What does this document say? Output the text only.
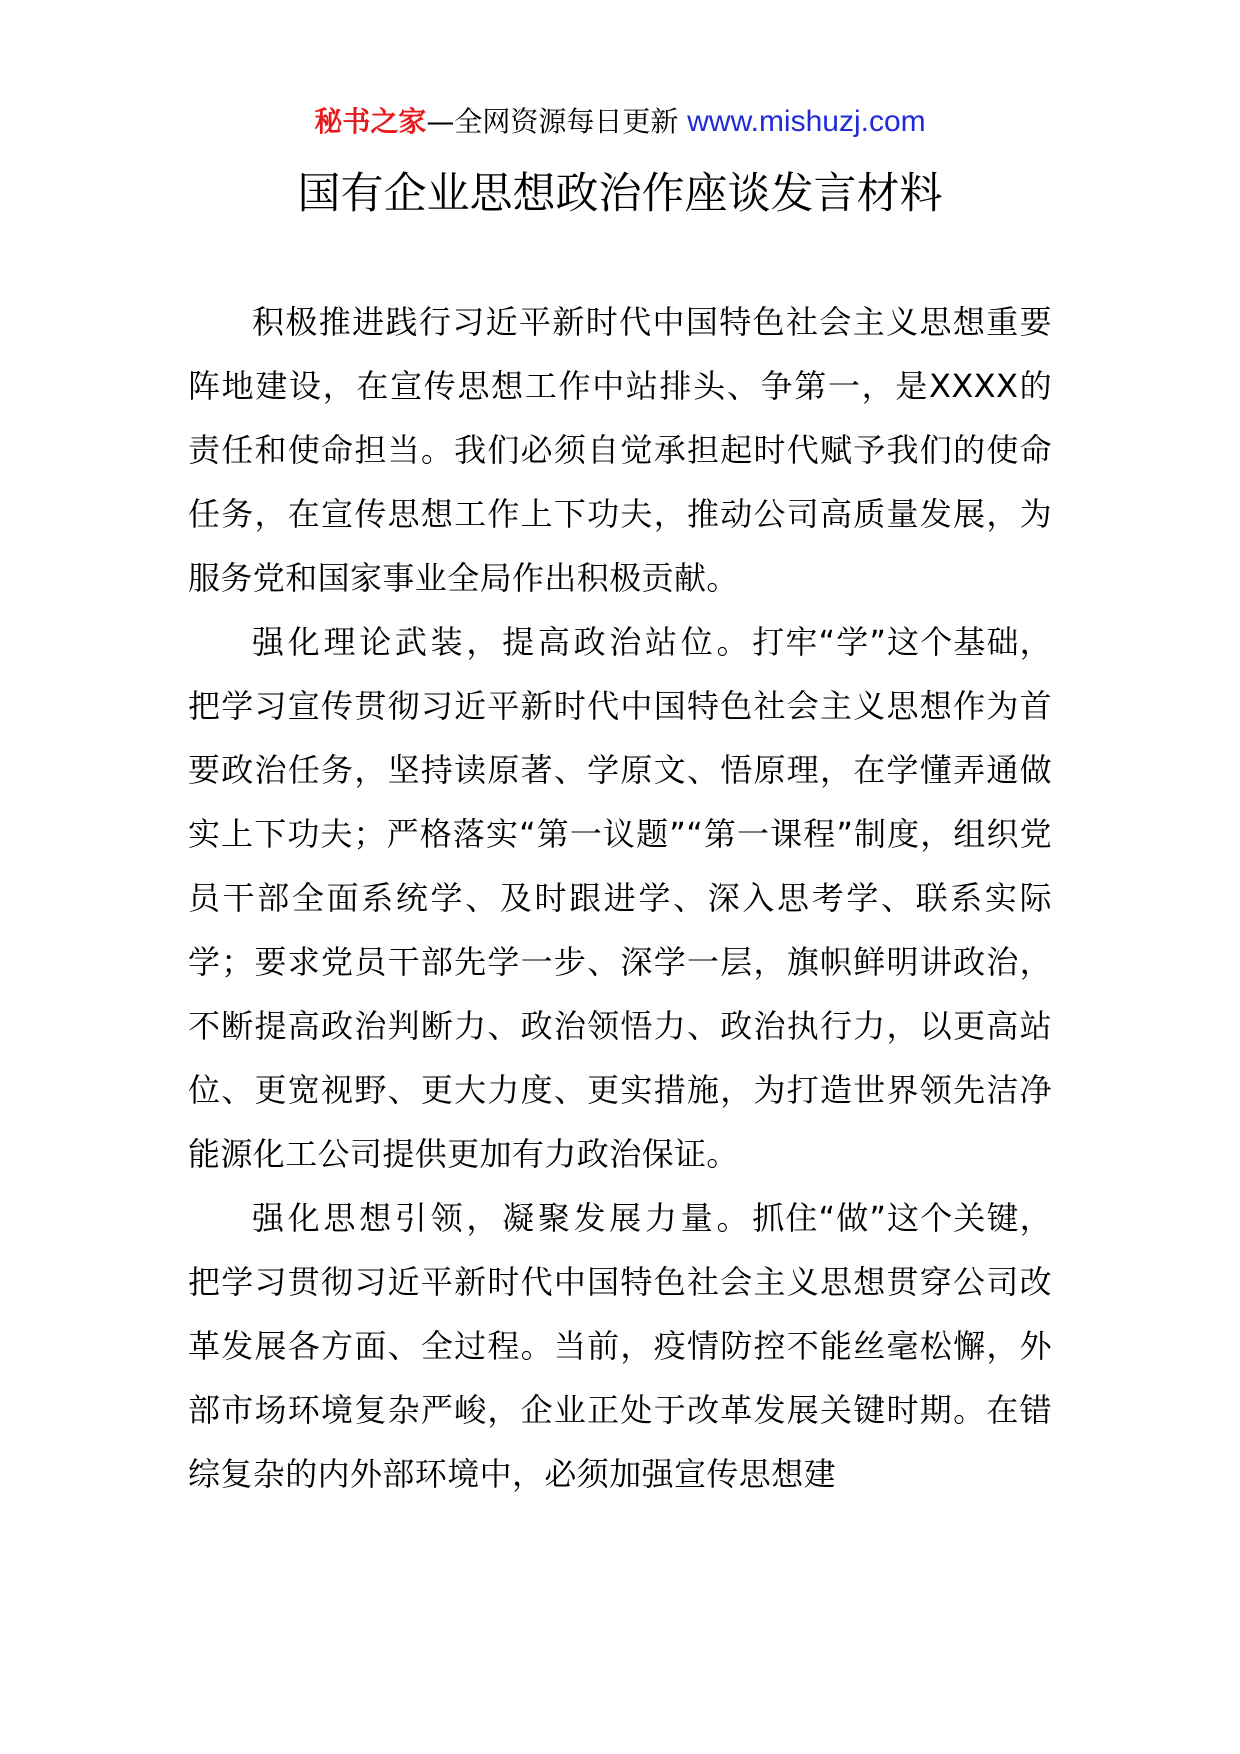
秘书之家—全网资源每日更新 www.mishuzj.com
国有企业思想政治作座谈发言材料

积极推进践行习近平新时代中国特色社会主义思想重要阵地建设，在宣传思想工作中站排头、争第一，是XXXX的责任和使命担当。我们必须自觉承担起时代赋予我们的使命任务，在宣传思想工作上下功夫，推动公司高质量发展，为服务党和国家事业全局作出积极贡献。

强化理论武装，提高政治站位。打牢“学”这个基础，把学习宣传贯彻习近平新时代中国特色社会主义思想作为首要政治任务，坚持读原著、学原文、悟原理，在学懂弄通做实上下功夫；严格落实“第一议题”“第一课程”制度，组织党员干部全面系统学、及时跟进学、深入思考学、联系实际学；要求党员干部先学一步、深学一层，旗帜鲜明讲政治，不断提高政治判断力、政治领悟力、政治执行力，以更高站位、更宽视野、更大力度、更实措施，为打造世界领先洁净能源化工公司提供更加有力政治保证。

强化思想引领，凝聚发展力量。抓住“做”这个关键，把学习贯彻习近平新时代中国特色社会主义思想贯穿公司改革发展各方面、全过程。当前，疫情防控不能丝毫松懈，外部市场环境复杂严峻，企业正处于改革发展关键时期。在错综复杂的内外部环境中，必须加强宣传思想建
